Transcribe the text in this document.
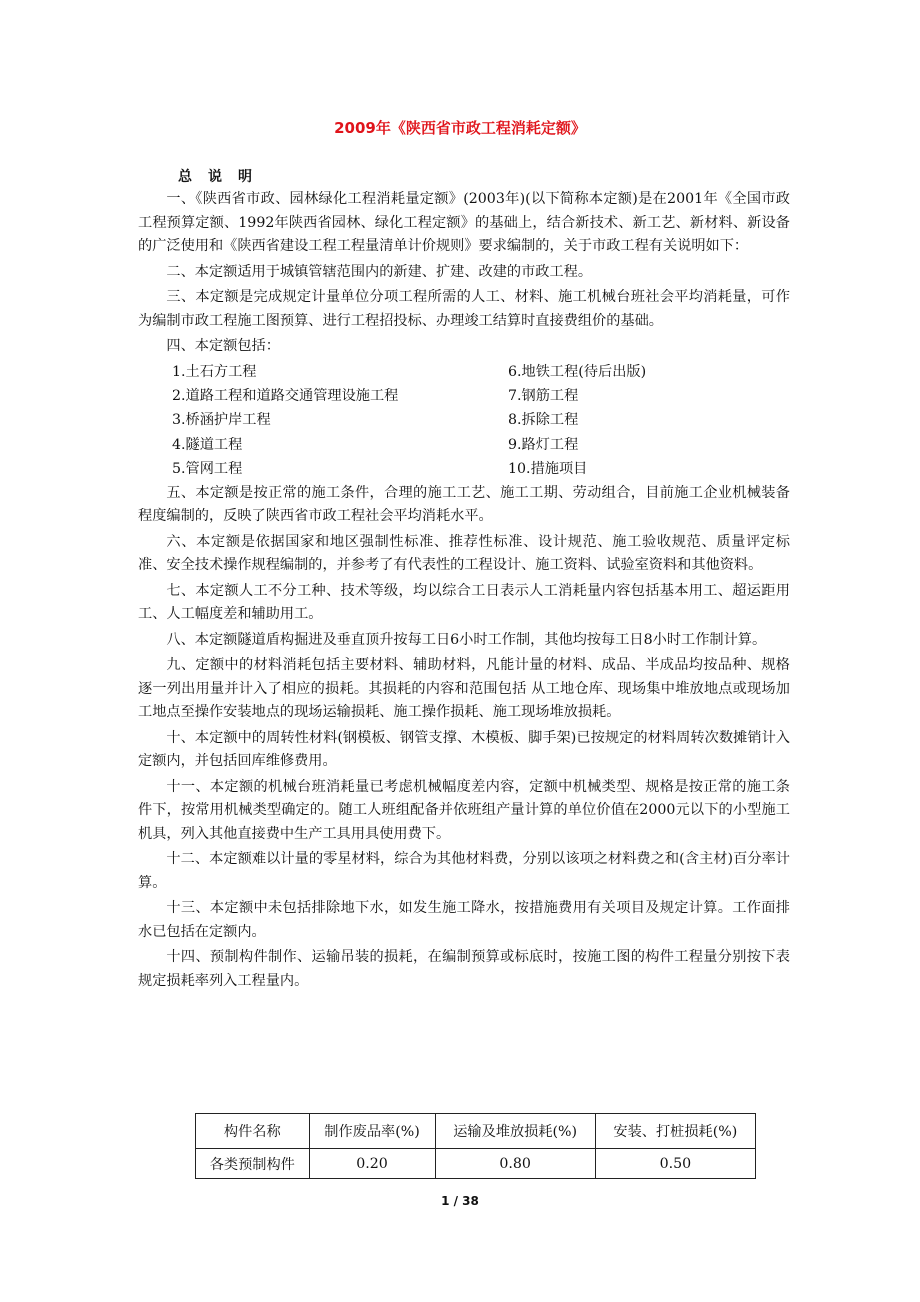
2009年《陕西省市政工程消耗定额》
总说明

一、《陕西省市政、园林绿化工程消耗量定额》(2003年)(以下简称本定额)是在2001年《全国市政工程预算定额、1992年陕西省园林、绿化工程定额》的基础上，结合新技术、新工艺、新材料、新设备的广泛使用和《陕西省建设工程工程量清单计价规则》要求编制的，关于市政工程有关说明如下：

二、本定额适用于城镇管辖范围内的新建、扩建、改建的市政工程。

三、本定额是完成规定计量单位分项工程所需的人工、材料、施工机械台班社会平均消耗量，可作为编制市政工程施工图预算、进行工程招投标、办理竣工结算时直接费组价的基础。

四、本定额包括：

1.土石方工程	6.地铁工程(待后出版)
2.道路工程和道路交通管理设施工程	7.钢筋工程
3.桥涵护岸工程	8.拆除工程
4.隧道工程	9.路灯工程
5.管网工程	10.措施项目

五、本定额是按正常的施工条件，合理的施工工艺、施工工期、劳动组合，目前施工企业机械装备程度编制的，反映了陕西省市政工程社会平均消耗水平。

六、本定额是依据国家和地区强制性标准、推荐性标准、设计规范、施工验收规范、质量评定标准、安全技术操作规程编制的，并参考了有代表性的工程设计、施工资料、试验室资料和其他资料。

七、本定额人工不分工种、技术等级，均以综合工日表示人工消耗量内容包括基本用工、超运距用工、人工幅度差和辅助用工。

八、本定额隧道盾构掘进及垂直顶升按每工日6小时工作制，其他均按每工日8小时工作制计算。

九、定额中的材料消耗包括主要材料、辅助材料，凡能计量的材料、成品、半成品均按品种、规格逐一列出用量并计入了相应的损耗。其损耗的内容和范围包括 从工地仓库、现场集中堆放地点或现场加工地点至操作安装地点的现场运输损耗、施工操作损耗、施工现场堆放损耗。

十、本定额中的周转性材料(钢模板、钢管支撑、木模板、脚手架)已按规定的材料周转次数摊销计入定额内，并包括回库维修费用。

十一、本定额的机械台班消耗量已考虑机械幅度差内容，定额中机械类型、规格是按正常的施工条件下，按常用机械类型确定的。随工人班组配备并依班组产量计算的单位价值在2000元以下的小型施工机具，列入其他直接费中生产工具用具使用费下。

十二、本定额难以计量的零星材料，综合为其他材料费，分别以该项之材料费之和(含主材)百分率计算。

十三、本定额中未包括排除地下水，如发生施工降水，按措施费用有关项目及规定计算。工作面排水已包括在定额内。

十四、预制构件制作、运输吊装的损耗，在编制预算或标底时，按施工图的构件工程量分别按下表规定损耗率列入工程量内。

构件名称	制作废品率(%)	运输及堆放损耗(%)	安装、打桩损耗(%)
各类预制构件	0.20	0.80	0.50
1 / 38
